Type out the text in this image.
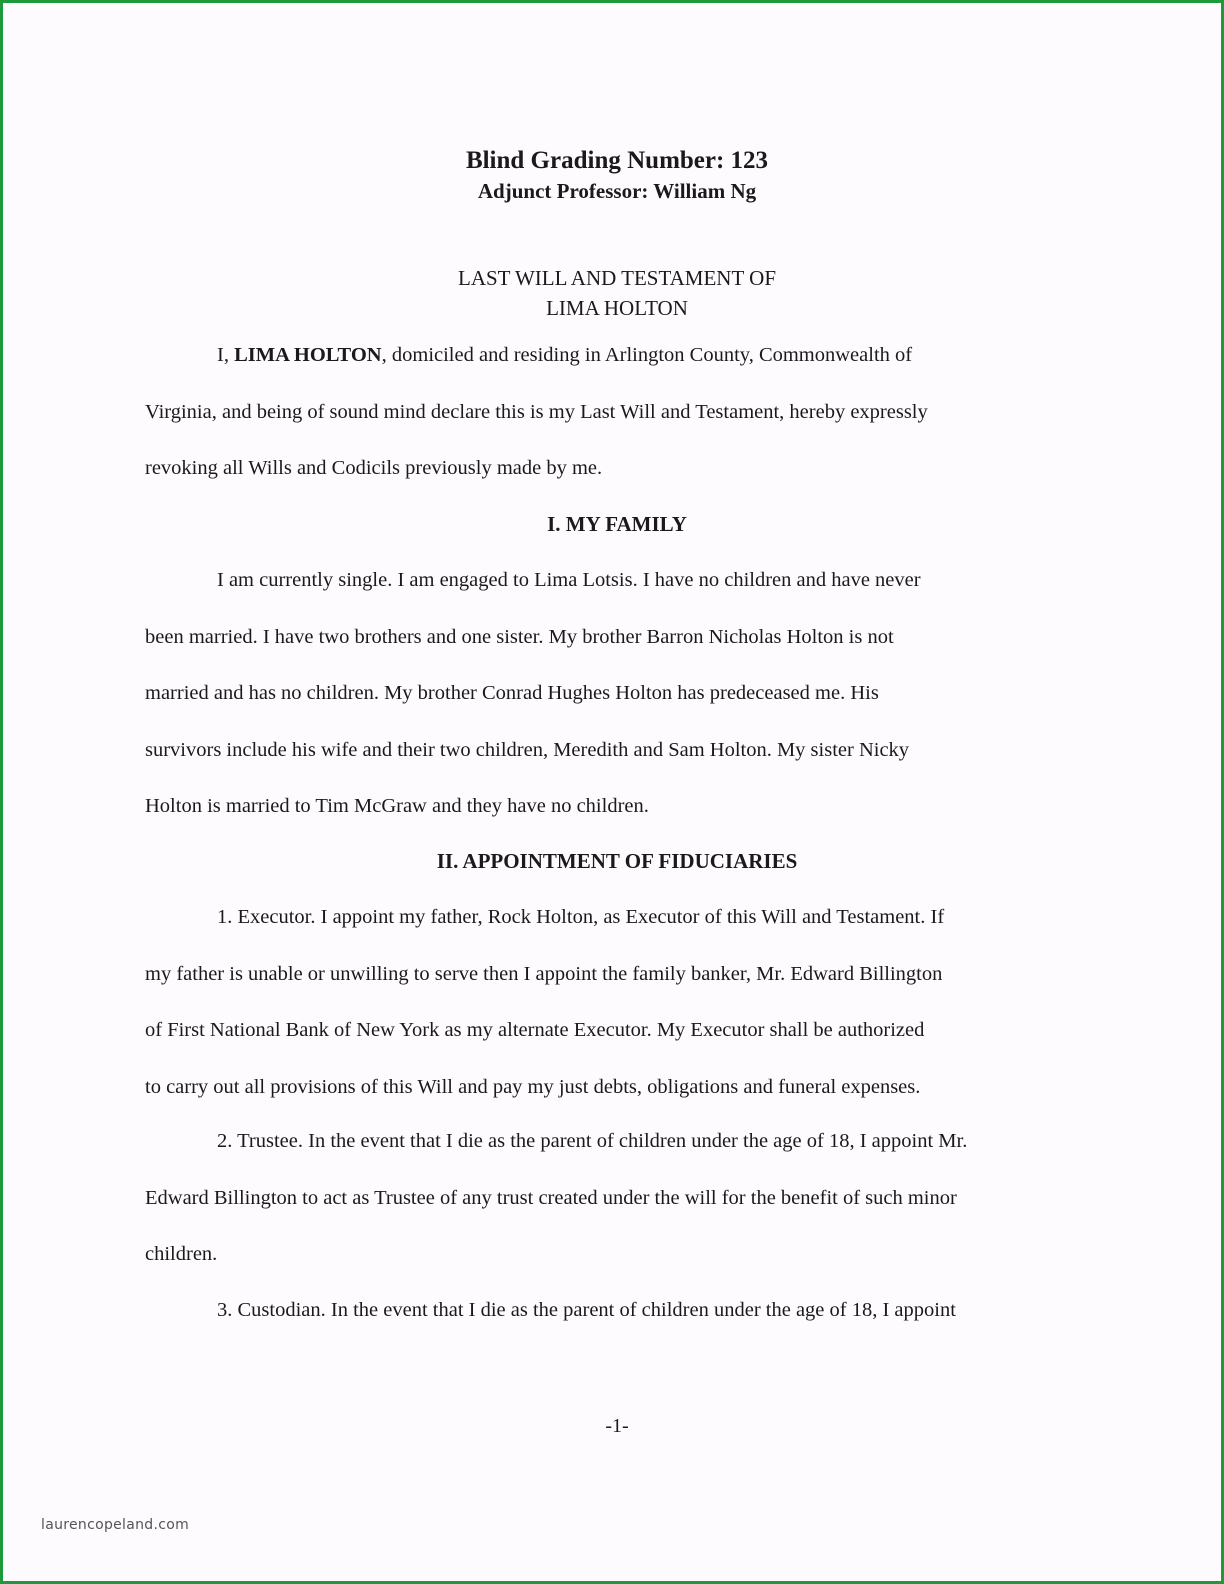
Blind Grading Number: 123
Adjunct Professor: William Ng
LAST WILL AND TESTAMENT OF
LIMA HOLTON
I, LIMA HOLTON, domiciled and residing in Arlington County, Commonwealth of
Virginia, and being of sound mind declare this is my Last Will and Testament, hereby expressly
revoking all Wills and Codicils previously made by me.
I. MY FAMILY
I am currently single. I am engaged to Lima Lotsis. I have no children and have never
been married. I have two brothers and one sister. My brother Barron Nicholas Holton is not
married and has no children. My brother Conrad Hughes Holton has predeceased me. His
survivors include his wife and their two children, Meredith and Sam Holton. My sister Nicky
Holton is married to Tim McGraw and they have no children.
II. APPOINTMENT OF FIDUCIARIES
1. Executor. I appoint my father, Rock Holton, as Executor of this Will and Testament. If
my father is unable or unwilling to serve then I appoint the family banker, Mr. Edward Billington
of First National Bank of New York as my alternate Executor. My Executor shall be authorized
to carry out all provisions of this Will and pay my just debts, obligations and funeral expenses.
2. Trustee. In the event that I die as the parent of children under the age of 18, I appoint Mr.
Edward Billington to act as Trustee of any trust created under the will for the benefit of such minor
children.
3. Custodian. In the event that I die as the parent of children under the age of 18, I appoint
-1-
laurencopeland.com
